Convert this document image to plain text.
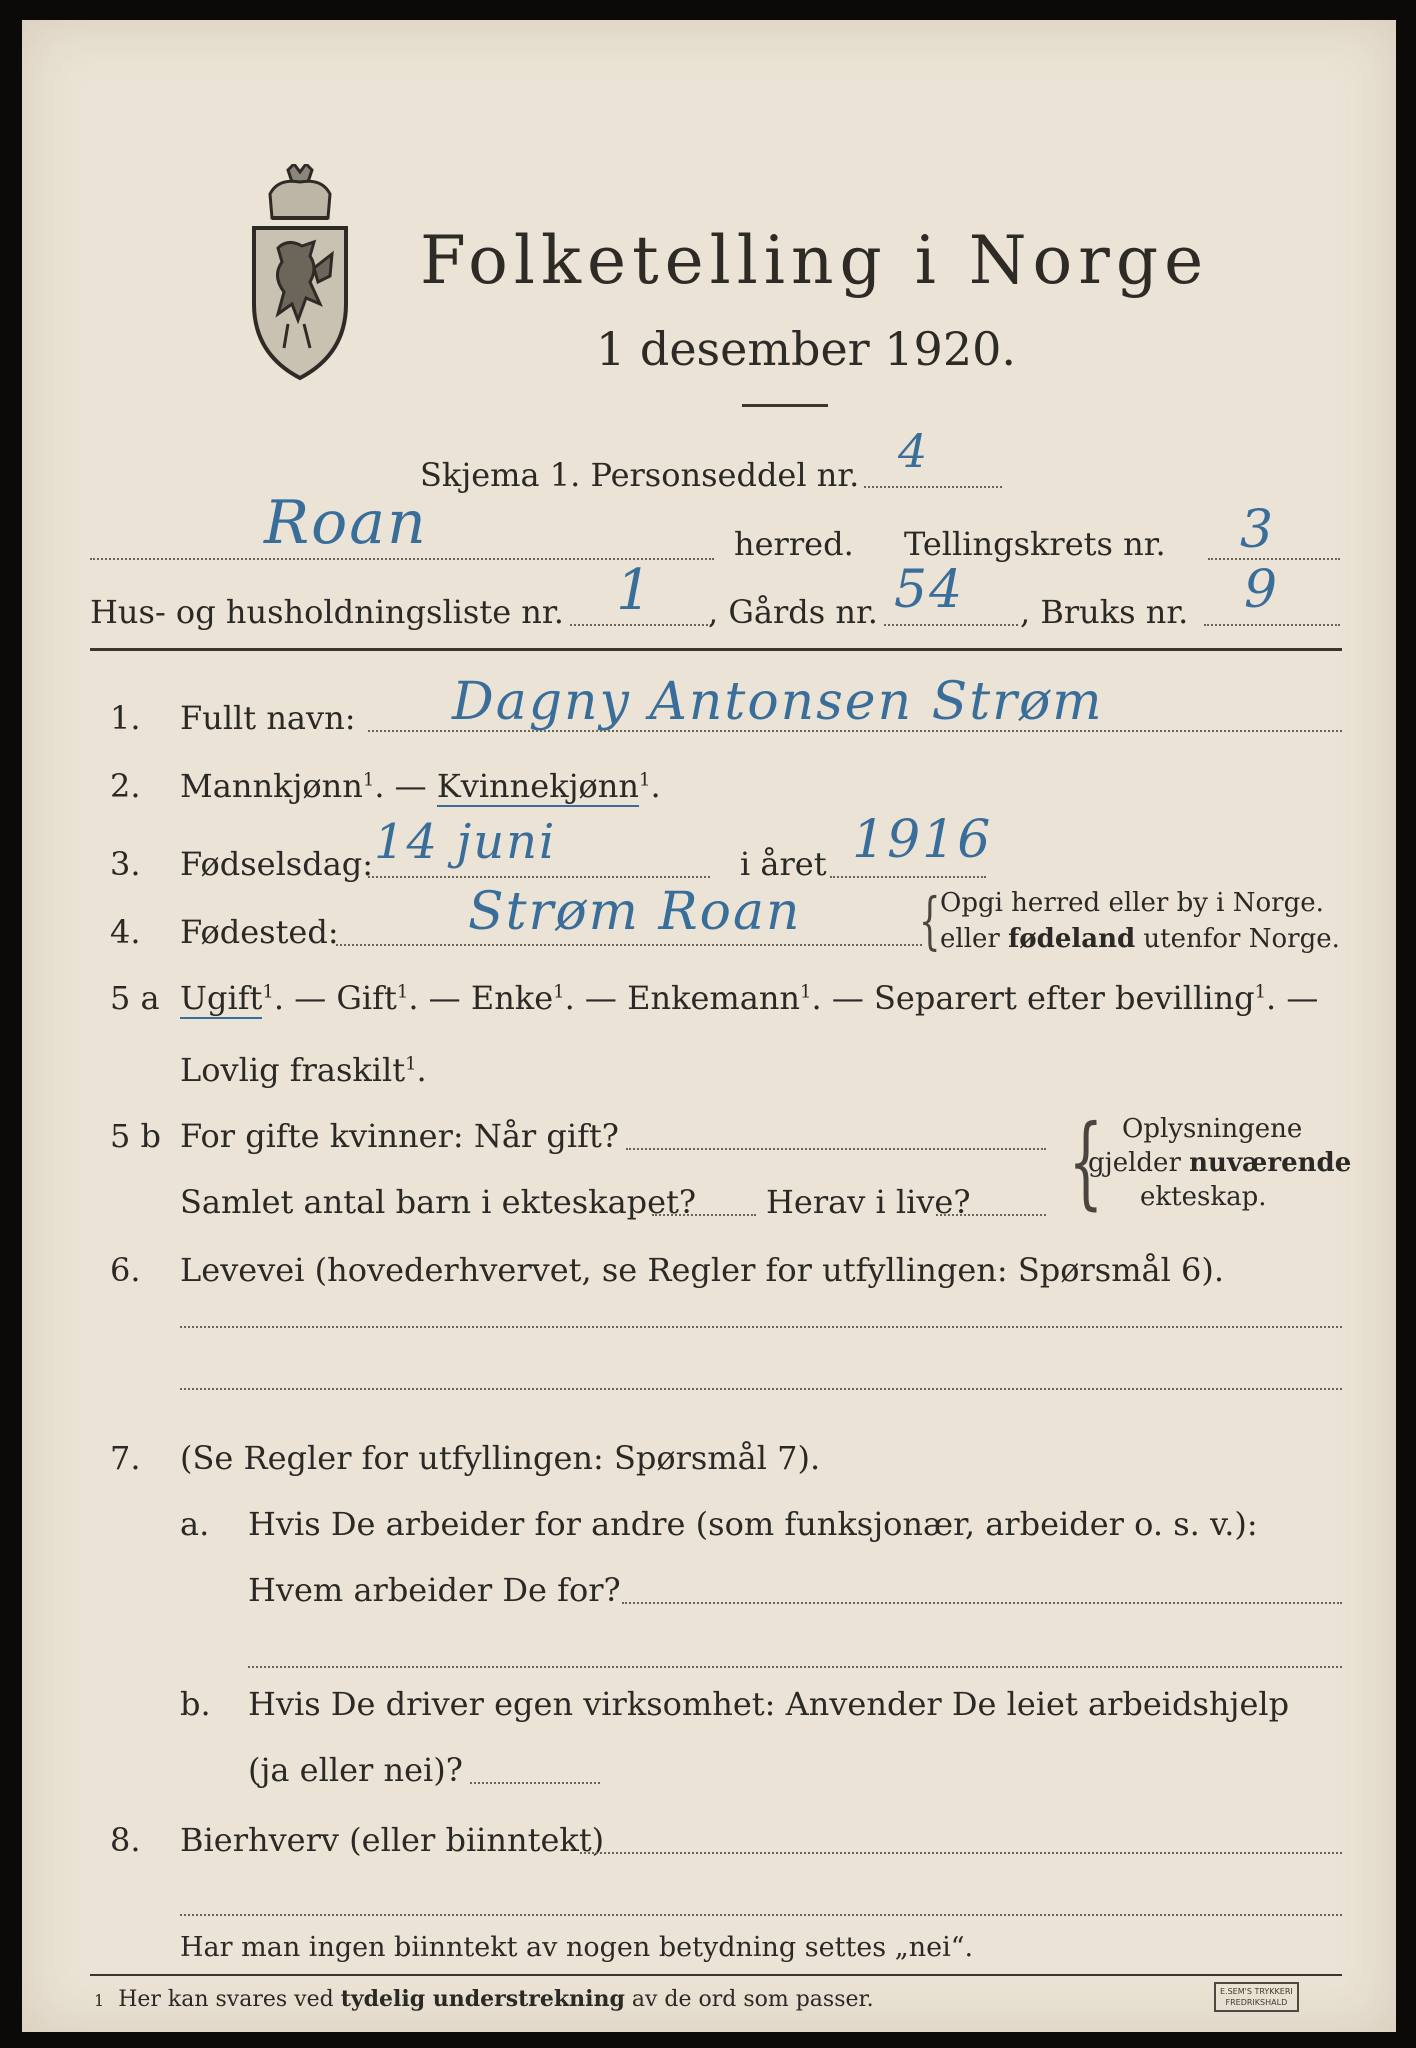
Folketelling i Norge
1 desember 1920.
Skjema 1. Personseddel nr. 4
Roan	herred. Tellingskrets nr. 3
Hus- og husholdningsliste nr. 1 , Gårds nr. 54 , Bruks nr. 9
1. Fullt navn: Dagny Antonsen Strøm
2. Mannkjønn$^1$. — Kvinnekjønn$^1$.
3. Fødselsdag: 14 juni	i året 1916
4. Fødested: Strøm Roan { Opgi herred eller by i Norge.
eller fødeland utenfor Norge.
5 a Ugift$^1$. — Gift$^1$. — Enke$^1$. — Enkemann$^1$. — Separert efter bevilling$^1$. —
Lovlig fraskilt$^1$.
5 b For gifte kvinner: Når gift?
Samlet antal barn i ekteskapet? Herav i live? { Oplysningene
gjelder nuværende
ekteskap.
6. Levevei (hovederhvervet, se Regler for utfyllingen: Spørsmål 6).
7. (Se Regler for utfyllingen: Spørsmål 7).
a. Hvis De arbeider for andre (som funksjonær, arbeider o. s. v.):
Hvem arbeider De for?
b. Hvis De driver egen virksomhet: Anvender De leiet arbeidshjelp
(ja eller nei)?
8. Bierhverv (eller biinntekt)
Har man ingen biinntekt av nogen betydning settes „nei“.
1 Her kan svares ved tydelig understrekning av de ord som passer.	E.SEM'S TRYKKERI
FREDRIKSHALD
